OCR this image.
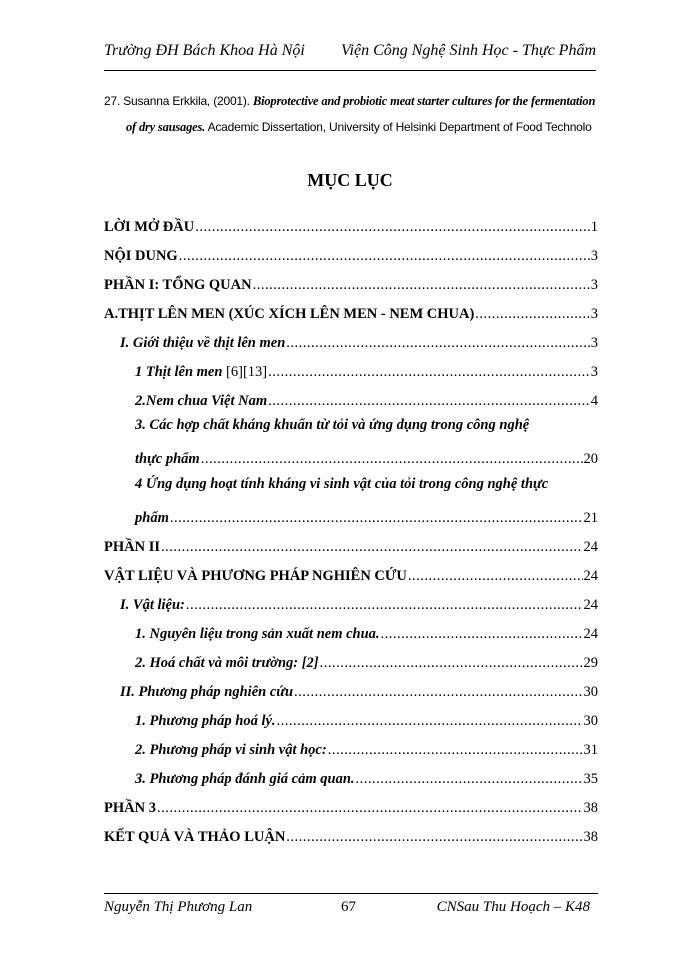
Trường ĐH Bách Khoa Hà Nội Viện Công Nghệ Sinh Học - Thực Phẩm
27. Susanna Erkkila, (2001). Bioprotective and probiotic meat starter cultures for the fermentation of dry sausages. Academic Dissertation, University of Helsinki Department of Food Technolo
MỤC LỤC
LỜI MỞ ĐẦU .....	1
NỘI DUNG .....	3
PHẦN I: TỔNG QUAN .....	3
A.THỊT LÊN MEN (XÚC XÍCH LÊN MEN - NEM CHUA) .....	3
I. Giới thiệu về thịt lên men .....	3
1 Thịt lên men [6][13] .....	3
2.Nem chua Việt Nam .....	4
3. Các hợp chất kháng khuẩn từ tỏi và ứng dụng trong công nghệ
thực phẩm .....	20
4 Ứng dụng hoạt tính kháng vi sinh vật của tỏi trong công nghệ thực
phẩm .....	21
PHẦN II .....	24
VẬT LIỆU VÀ PHƯƠNG PHÁP NGHIÊN CỨU .....	24
I. Vật liệu: .....	24
1. Nguyên liệu trong sản xuất nem chua. .....	24
2. Hoá chất và môi trường: [2] .....	29
II. Phương pháp nghiên cứu .....	30
1. Phương pháp hoá lý. .....	30
2. Phương pháp vi sinh vật học: .....	31
3. Phương pháp đánh giá cảm quan. .....	35
PHẦN 3 .....	38
KẾT QUẢ VÀ THẢO LUẬN .....	38
Nguyễn Thị Phương Lan	67	CNSau Thu Hoạch – K48
